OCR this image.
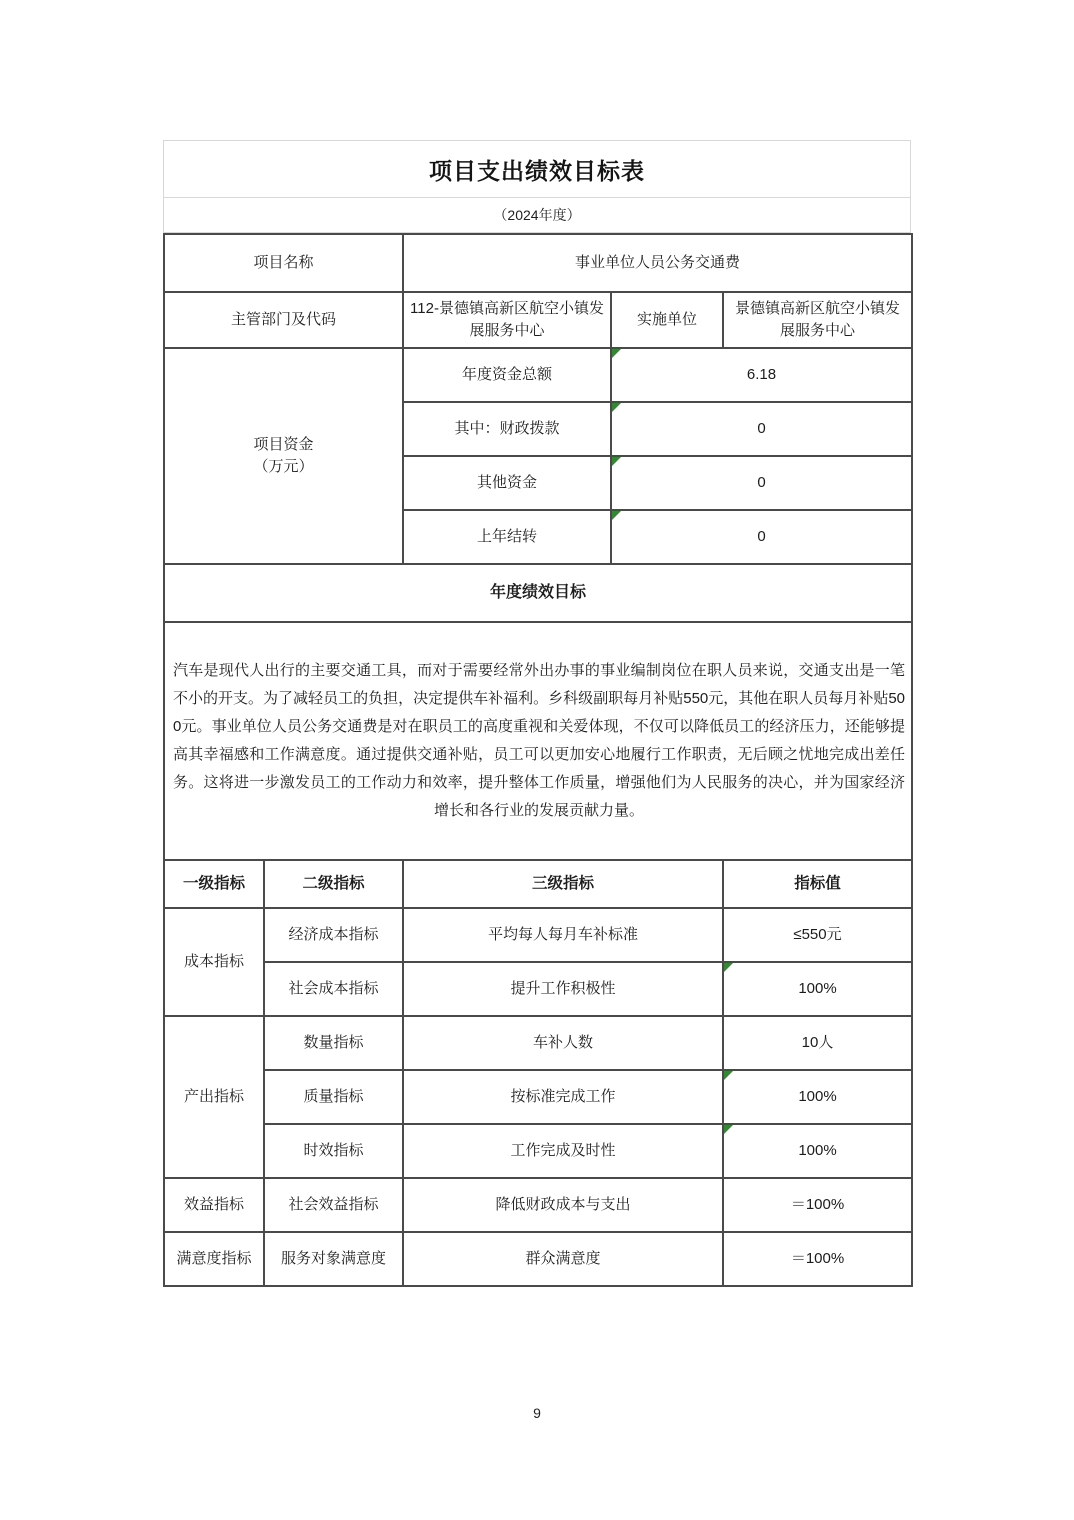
项目支出绩效目标表
（2024年度）
项目名称	事业单位人员公务交通费		
主管部门及代码	112-景德镇高新区航空小镇发展服务中心	实施单位	景德镇高新区航空小镇发展服务中心

项目资金
（万元）	年度资金总额	6.18	
	其中：财政拨款	0	
	其他资金	0	
	上年结转	0	
年度绩效目标			

汽车是现代人出行的主要交通工具，而对于需要经常外出办事的事业编制岗位在职人员来说，交通支出是一笔不小的开支。为了减轻员工的负担，决定提供车补福利。乡科级副职每月补贴550元，其他在职人员每月补贴500元。事业单位人员公务交通费是对在职员工的高度重视和关爱体现，不仅可以降低员工的经济压力，还能够提高其幸福感和工作满意度。通过提供交通补贴，员工可以更加安心地履行工作职责，无后顾之忧地完成出差任务。这将进一步激发员工的工作动力和效率，提升整体工作质量，增强他们为人民服务的决心，并为国家经济增长和各行业的发展贡献力量。			
一级指标	二级指标	三级指标	指标值
成本指标	经济成本指标	平均每人每月车补标准	≤550元
	社会成本指标	提升工作积极性	100%
产出指标	数量指标	车补人数	10人
	质量指标	按标准完成工作	100%
	时效指标	工作完成及时性	100%
效益指标	社会效益指标	降低财政成本与支出	＝100%
满意度指标	服务对象满意度	群众满意度	＝100%
9
